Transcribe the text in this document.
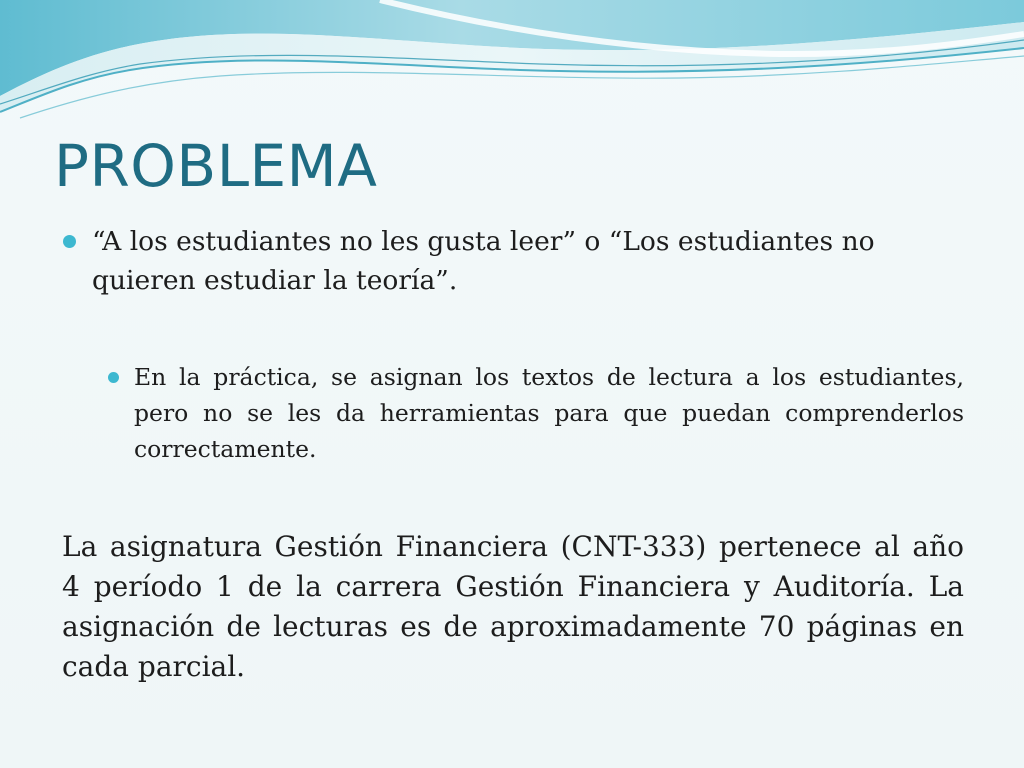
PROBLEMA

“A los estudiantes no les gusta leer” o “Los estudiantes no quieren estudiar la teoría”.

En la práctica, se asignan los textos de lectura a los estudiantes, pero no se les da herramientas para que puedan comprenderlos correctamente.

La asignatura Gestión Financiera (CNT-333) pertenece al año 4 período 1 de la carrera Gestión Financiera y Auditoría. La asignación de lecturas es de aproximadamente 70 páginas en cada parcial.
